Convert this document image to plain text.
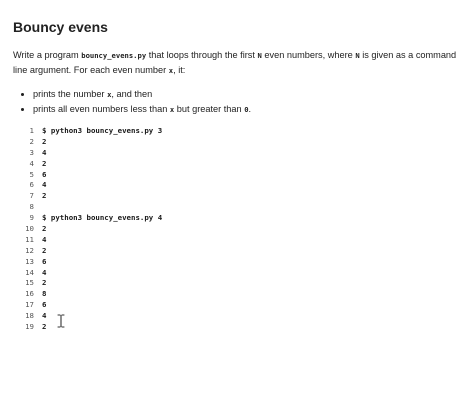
Bouncy evens

Write a program bouncy_evens.py that loops through the first N even numbers, where N is given as a command line argument. For each even number x, it:

• prints the number x, and then
• prints all even numbers less than x but greater than 0.
1 $ python3 bouncy_evens.py 3
2 2
3 4
4 2
5 6
6 4
7 2
8
9 $ python3 bouncy_evens.py 4
10 2
11 4
12 2
13 6
14 4
15 2
16 8
17 6
18 4
19 2
